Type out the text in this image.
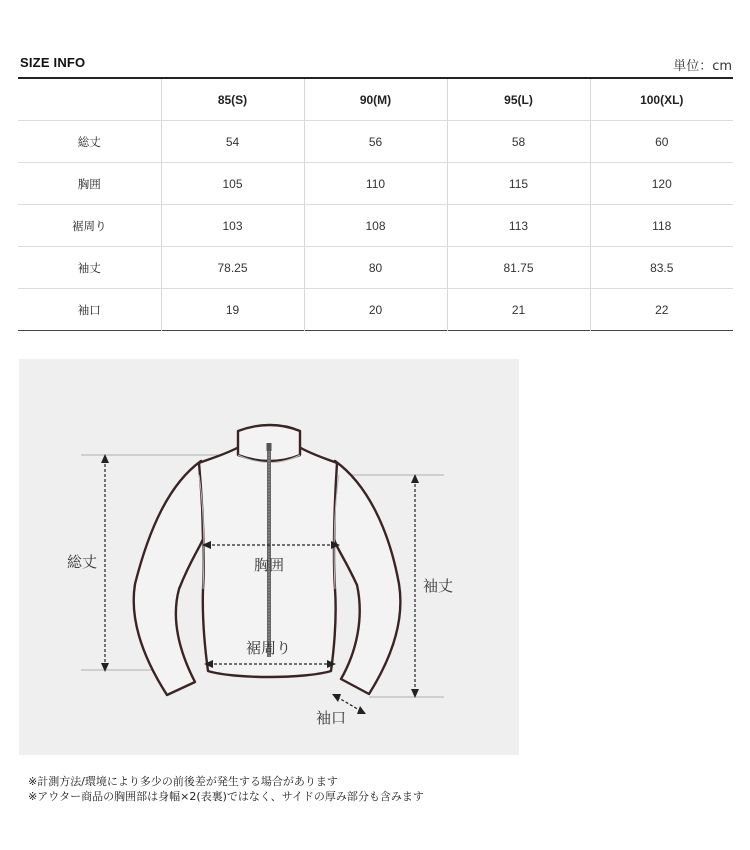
SIZE INFO	単位：cm
	85(S)	90(M)	95(L)	100(XL)
総丈	54	56	58	60
胸囲	105	110	115	120
裾周り	103	108	113	118
袖丈	78.25	80	81.75	83.5
袖口	19	20	21	22
総丈	胸囲
裾周り
袖丈
袖口
※計測方法/環境により多少の前後差が発生する場合があります
※アウター商品の胸囲部は身幅×2(表裏)ではなく、サイドの厚み部分も含みます
